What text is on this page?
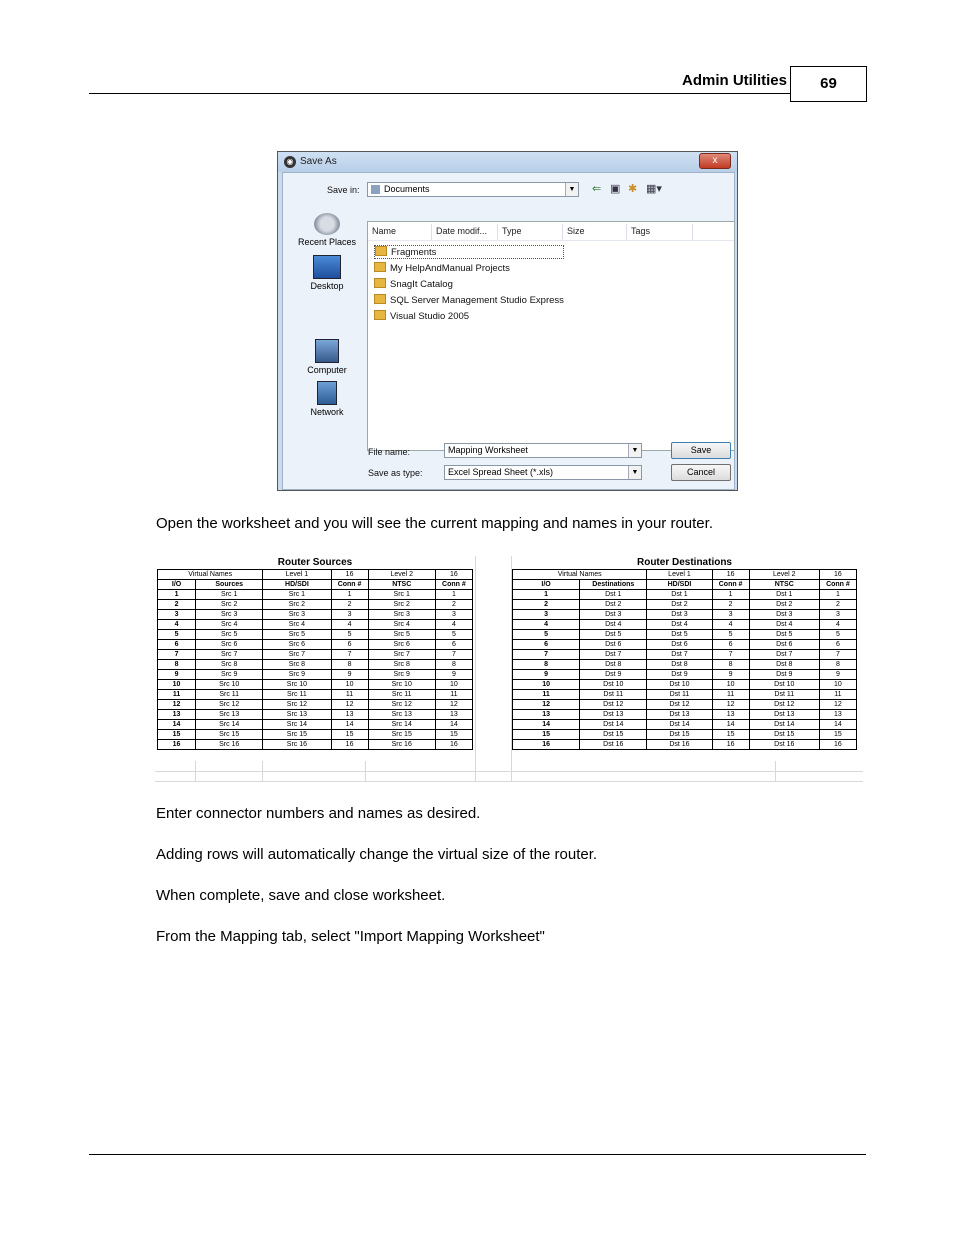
Admin Utilities	69
◉ Save As	x
Save in:	Documents	▼ ⇐ ▣ ✱ ▦▾
Recent Places
Desktop
Computer
Network
Name	Date modif... Type	Size	Tags
Fragments
My HelpAndManual Projects
SnagIt Catalog
SQL Server Management Studio Express
Visual Studio 2005
File name:	Mapping Worksheet	▼
Save as type:	Excel Spread Sheet (*.xls)	▼
Save
Cancel
Open the worksheet and you will see the current mapping and names in your router.
Router Sources					
Virtual Names		Level 1	16	Level 2	16
I/O	Sources	HD/SDI	Conn #	NTSC	Conn #
1	Src 1	Src 1	1	Src 1	1
2	Src 2	Src 2	2	Src 2	2
3	Src 3	Src 3	3	Src 3	3
4	Src 4	Src 4	4	Src 4	4
5	Src 5	Src 5	5	Src 5	5
6	Src 6	Src 6	6	Src 6	6
7	Src 7	Src 7	7	Src 7	7
8	Src 8	Src 8	8	Src 8	8
9	Src 9	Src 9	9	Src 9	9
10	Src 10	Src 10	10	Src 10	10
11	Src 11	Src 11	11	Src 11	11
12	Src 12	Src 12	12	Src 12	12
13	Src 13	Src 13	13	Src 13	13
14	Src 14	Src 14	14	Src 14	14
15	Src 15	Src 15	15	Src 15	15
16	Src 16	Src 16	16	Src 16	16
Router Destinations					
Virtual Names		Level 1	16	Level 2	16
I/O	Destinations	HD/SDI	Conn #	NTSC	Conn #
1	Dst 1	Dst 1	1	Dst 1	1
2	Dst 2	Dst 2	2	Dst 2	2
3	Dst 3	Dst 3	3	Dst 3	3
4	Dst 4	Dst 4	4	Dst 4	4
5	Dst 5	Dst 5	5	Dst 5	5
6	Dst 6	Dst 6	6	Dst 6	6
7	Dst 7	Dst 7	7	Dst 7	7
8	Dst 8	Dst 8	8	Dst 8	8
9	Dst 9	Dst 9	9	Dst 9	9
10	Dst 10	Dst 10	10	Dst 10	10
11	Dst 11	Dst 11	11	Dst 11	11
12	Dst 12	Dst 12	12	Dst 12	12
13	Dst 13	Dst 13	13	Dst 13	13
14	Dst 14	Dst 14	14	Dst 14	14
15	Dst 15	Dst 15	15	Dst 15	15
16	Dst 16	Dst 16	16	Dst 16	16
Enter connector numbers and names as desired.
Adding rows will automatically change the virtual size of the router.
When complete, save and close worksheet.
From the Mapping tab, select "Import Mapping Worksheet"
